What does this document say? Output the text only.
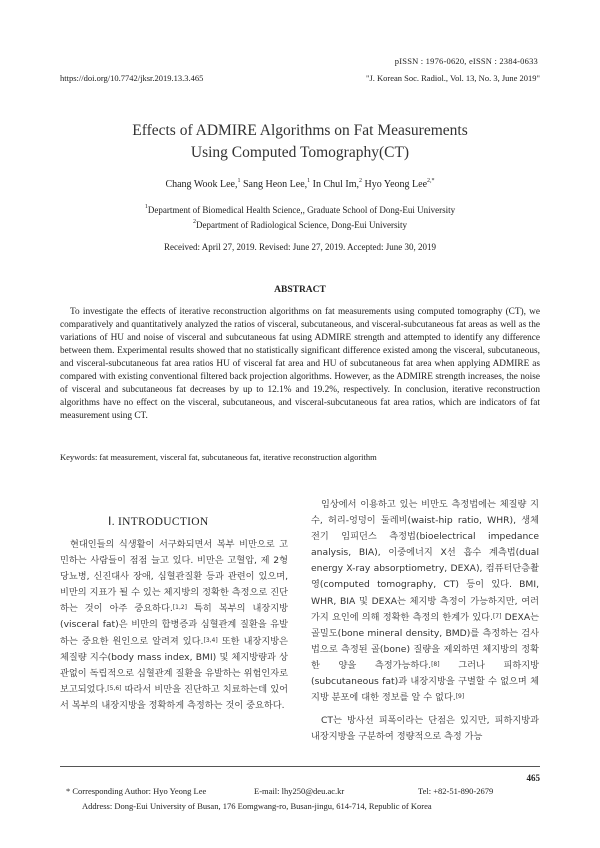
pISSN : 1976-0620, eISSN : 2384-0633
https://doi.org/10.7742/jksr.2019.13.3.465	"J. Korean Soc. Radiol., Vol. 13, No. 3, June 2019"
Effects of ADMIRE Algorithms on Fat Measurements
Using Computed Tomography(CT)
Chang Wook Lee,$^1$ Sang Heon Lee,$^1$ In Chul Im,$^2$ Hyo Yeong Lee$^{2,*}$
$^1$Department of Biomedical Health Science,, Graduate School of Dong-Eui University
$^2$Department of Radiological Science, Dong-Eui University
Received: April 27, 2019. Revised: June 27, 2019. Accepted: June 30, 2019
ABSTRACT
To investigate the effects of iterative reconstruction algorithms on fat measurements using computed tomography (CT), we comparatively and quantitatively analyzed the ratios of visceral, subcutaneous, and visceral-subcutaneous fat areas as well as the variations of HU and noise of visceral and subcutaneous fat using ADMIRE strength and attempted to identify any difference between them. Experimental results showed that no statistically significant difference existed among the visceral, subcutaneous, and visceral-subcutaneous fat area ratios HU of visceral fat area and HU of subcutaneous fat area when applying ADMIRE as compared with existing conventional filtered back projection algorithms. However, as the ADMIRE strength increases, the noise of visceral and subcutaneous fat decreases by up to 12.1% and 19.2%, respectively. In conclusion, iterative reconstruction algorithms have no effect on the visceral, subcutaneous, and visceral-subcutaneous fat area ratios, which are indicators of fat measurement using CT.
Keywords: fat measurement, visceral fat, subcutaneous fat, iterative reconstruction algorithm
Ⅰ. INTRODUCTION
현대인들의 식생활이 서구화되면서 복부 비만으로 고민하는 사람들이 점점 늘고 있다. 비만은 고혈압, 제 2형 당뇨병, 신진대사 장애, 심혈관질환 등과 관련이 있으며, 비만의 지표가 될 수 있는 체지방의 정확한 측정으로 진단하는 것이 아주 중요하다.[1,2] 특히 복부의 내장지방(visceral fat)은 비만의 합병증과 심혈관계 질환을 유발하는 중요한 원인으로 알려져 있다.[3,4] 또한 내장지방은 체질량 지수(body mass index, BMI) 및 체지방량과 상관없이 독립적으로 심혈관계 질환을 유발하는 위험인자로 보고되었다.[5,6] 따라서 비만을 진단하고 치료하는데 있어서 복부의 내장지방을 정확하게 측정하는 것이 중요하다.

임상에서 이용하고 있는 비만도 측정법에는 체질량 지수, 허리-엉덩이 둘레비(waist-hip ratio, WHR), 생체 전기 임피던스 측정법(bioelectrical impedance analysis, BIA), 이중에너지 X선 흡수 계측법(dual energy X-ray absorptiometry, DEXA), 컴퓨터단층촬영(computed tomography, CT) 등이 있다. BMI, WHR, BIA 및 DEXA는 체지방 측정이 가능하지만, 여러 가지 요인에 의해 정확한 측정의 한계가 있다.[7] DEXA는 골밀도(bone mineral density, BMD)를 측정하는 검사법으로 측정된 골(bone) 질량을 제외하면 체지방의 정확한 양을 측정가능하다.[8] 그러나 피하지방(subcutaneous fat)과 내장지방을 구별할 수 없으며 체지방 분포에 대한 정보를 알 수 없다.[9]

CT는 방사선 피폭이라는 단점은 있지만, 피하지방과 내장지방을 구분하여 정량적으로 측정 가능

465
* Corresponding Author: Hyo Yeong Lee	E-mail: lhy250@deu.ac.kr	Tel: +82-51-890-2679
Address: Dong-Eui University of Busan, 176 Eomgwang-ro, Busan-jingu, 614-714, Republic of Korea
